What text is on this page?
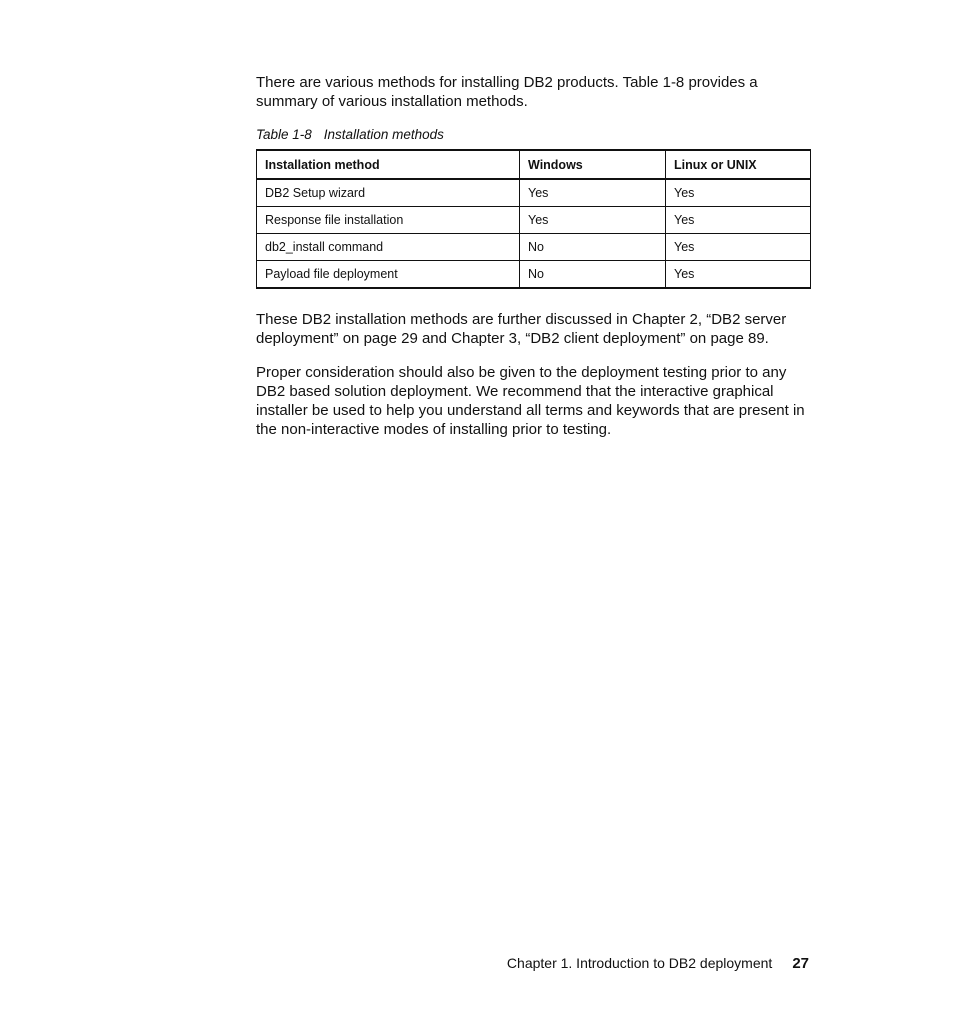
There are various methods for installing DB2 products. Table 1-8 provides a summary of various installation methods.

Table 1-8 Installation methods

Installation method	Windows	Linux or UNIX
DB2 Setup wizard	Yes	Yes
Response file installation	Yes	Yes
db2_install command	No	Yes
Payload file deployment	No	Yes

These DB2 installation methods are further discussed in Chapter 2, “DB2 server deployment” on page 29 and Chapter 3, “DB2 client deployment” on page 89.

Proper consideration should also be given to the deployment testing prior to any DB2 based solution deployment. We recommend that the interactive graphical installer be used to help you understand all terms and keywords that are present in the non-interactive modes of installing prior to testing.

Chapter 1. Introduction to DB2 deployment 27
